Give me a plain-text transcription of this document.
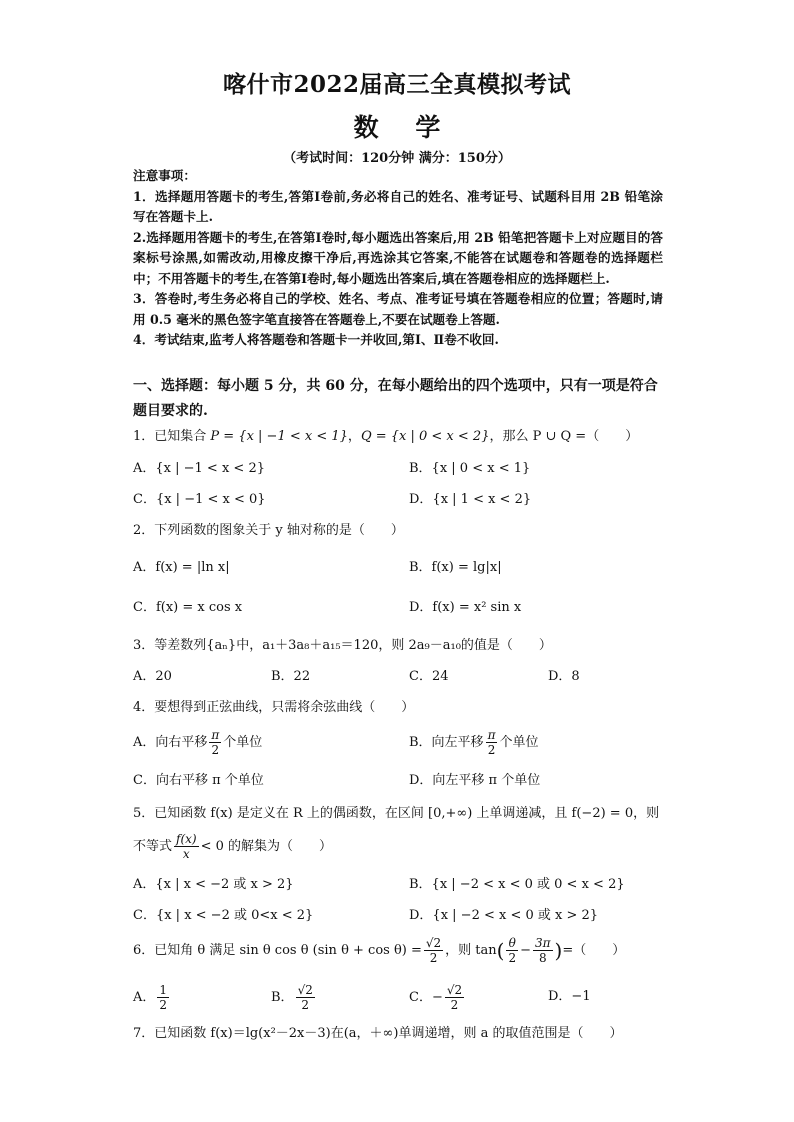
喀什市2022届高三全真模拟考试
数 学
（考试时间：120分钟 满分：150分）

注意事项：

1．选择题用答题卡的考生,答第Ⅰ卷前,务必将自己的姓名、准考证号、试题科目用 2B 铅笔涂写在答题卡上.

2.选择题用答题卡的考生,在答第Ⅰ卷时,每小题选出答案后,用 2B 铅笔把答题卡上对应题目的答案标号涂黑,如需改动,用橡皮擦干净后,再选涂其它答案,不能答在试题卷和答题卷的选择题栏中；不用答题卡的考生,在答第Ⅰ卷时,每小题选出答案后,填在答题卷相应的选择题栏上.

3．答卷时,考生务必将自己的学校、姓名、考点、准考证号填在答题卷相应的位置；答题时,请用 0.5 毫米的黑色签字笔直接答在答题卷上,不要在试题卷上答题.

4．考试结束,监考人将答题卷和答题卡一并收回,第Ⅰ、Ⅱ卷不收回.

一、选择题：每小题 5 分，共 60 分，在每小题给出的四个选项中，只有一项是符合题目要求的.
1．已知集合 P = {x | −1 < x < 1}，Q = {x | 0 < x < 2}，那么 P ∪ Q =（　　）
A．{x | −1 < x < 2}	B．{x | 0 < x < 1}
C．{x | −1 < x < 0}	D．{x | 1 < x < 2}
2．下列函数的图象关于 y 轴对称的是（　　）
A．f(x) = |ln x|	B．f(x) = lg|x|
C．f(x) = x cos x	D．f(x) = x² sin x
3．等差数列{aₙ}中，a₁＋3a₈＋a₁₅＝120，则 2a₉－a₁₀的值是（　　）
A．20	B．22	C．24	D．8
4．要想得到正弦曲线，只需将余弦曲线（　　）
A．向右平移 $\frac{\pi}{2}$ 个单位	B．向左平移 $\frac{\pi}{2}$ 个单位
C．向右平移 π 个单位	D．向左平移 π 个单位
5．已知函数 f(x) 是定义在 R 上的偶函数，在区间 [0,+∞) 上单调递减，且 f(−2) = 0，则
不等式 $\frac{f(x)}{x} < 0$ 的解集为（　　）
A．{x | x < −2 或 x > 2}	B．{x | −2 < x < 0 或 0 < x < 2}
C．{x | x < −2 或 0<x < 2}	D．{x | −2 < x < 0 或 x > 2}
6．已知角 θ 满足 sin θ cos θ (sin $\theta + \cos \theta) = \frac{√2}{2}$ ，则 $\tan( \frac{\theta}{2} - \frac{3\pi}{8}$ )=（　　）
A． $\frac{1}{2}$	B． $\frac{√2}{2}$	C．− $\frac{√2}{2}$	D．−1
7．已知函数 f(x)＝lg(x²－2x－3)在(a，＋∞)单调递增，则 a 的取值范围是（　　）
